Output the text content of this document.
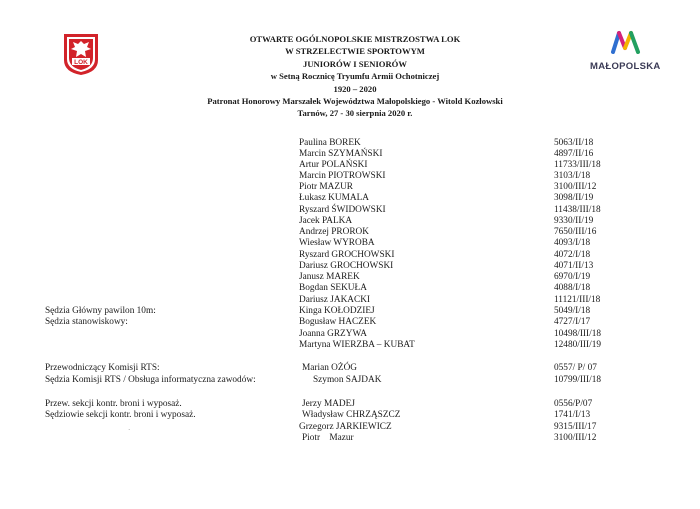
LOK	MAŁOPOLSKA
OTWARTE OGÓLNOPOLSKIE MISTRZOSTWA LOK
W STRZELECTWIE SPORTOWYM
JUNIORÓW I SENIORÓW
w Setną Rocznicę Tryumfu Armii Ochotniczej
1920 – 2020
Patronat Honorowy Marszałek Województwa Małopolskiego - Witold Kozłowski
Tarnów, 27 - 30 sierpnia 2020 r.
Paulina BOREK	5063/II/18
Marcin SZYMAŃSKI	4897/II/16
Artur POLAŃSKI	11733/III/18
Marcin PIOTROWSKI	3103/I/18
Piotr MAZUR	3100/III/12
Łukasz KUMALA	3098/II/19
Ryszard ŚWIDOWSKI	11438/III/18
Jacek PALKA	9330/II/19
Andrzej PROROK	7650/III/16
Wiesław WYROBA	4093/I/18
Ryszard GROCHOWSKI	4072/I/18
Dariusz GROCHOWSKI	4071/II/13
Janusz MAREK	6970/I/19
Bogdan SEKUŁA	4088/I/18
Dariusz JAKACKI	11121/III/18
Sędzia Główny pawilon 10m:	Kinga KOŁODZIEJ	5049/I/18
Sędzia stanowiskowy:	Bogusław HACZEK	4727/I/17
Joanna GRZYWA	10498/III/18
Martyna WIERZBA – KUBAT	12480/III/19
Przewodniczący Komisji RTS:	Marian OŻÓG	0557/ P/ 07
Sędzia Komisji RTS / Obsługa informatyczna zawodów:	Szymon SAJDAK	10799/III/18
Przew. sekcji kontr. broni i wyposaż.	Jerzy MADEJ	0556/P/07
Sędziowie sekcji kontr. broni i wyposaż.	Władysław CHRZĄSZCZ	1741/I/13
Grzegorz JARKIEWICZ	9315/III/17
Piotr    Mazur	3100/III/12
·
